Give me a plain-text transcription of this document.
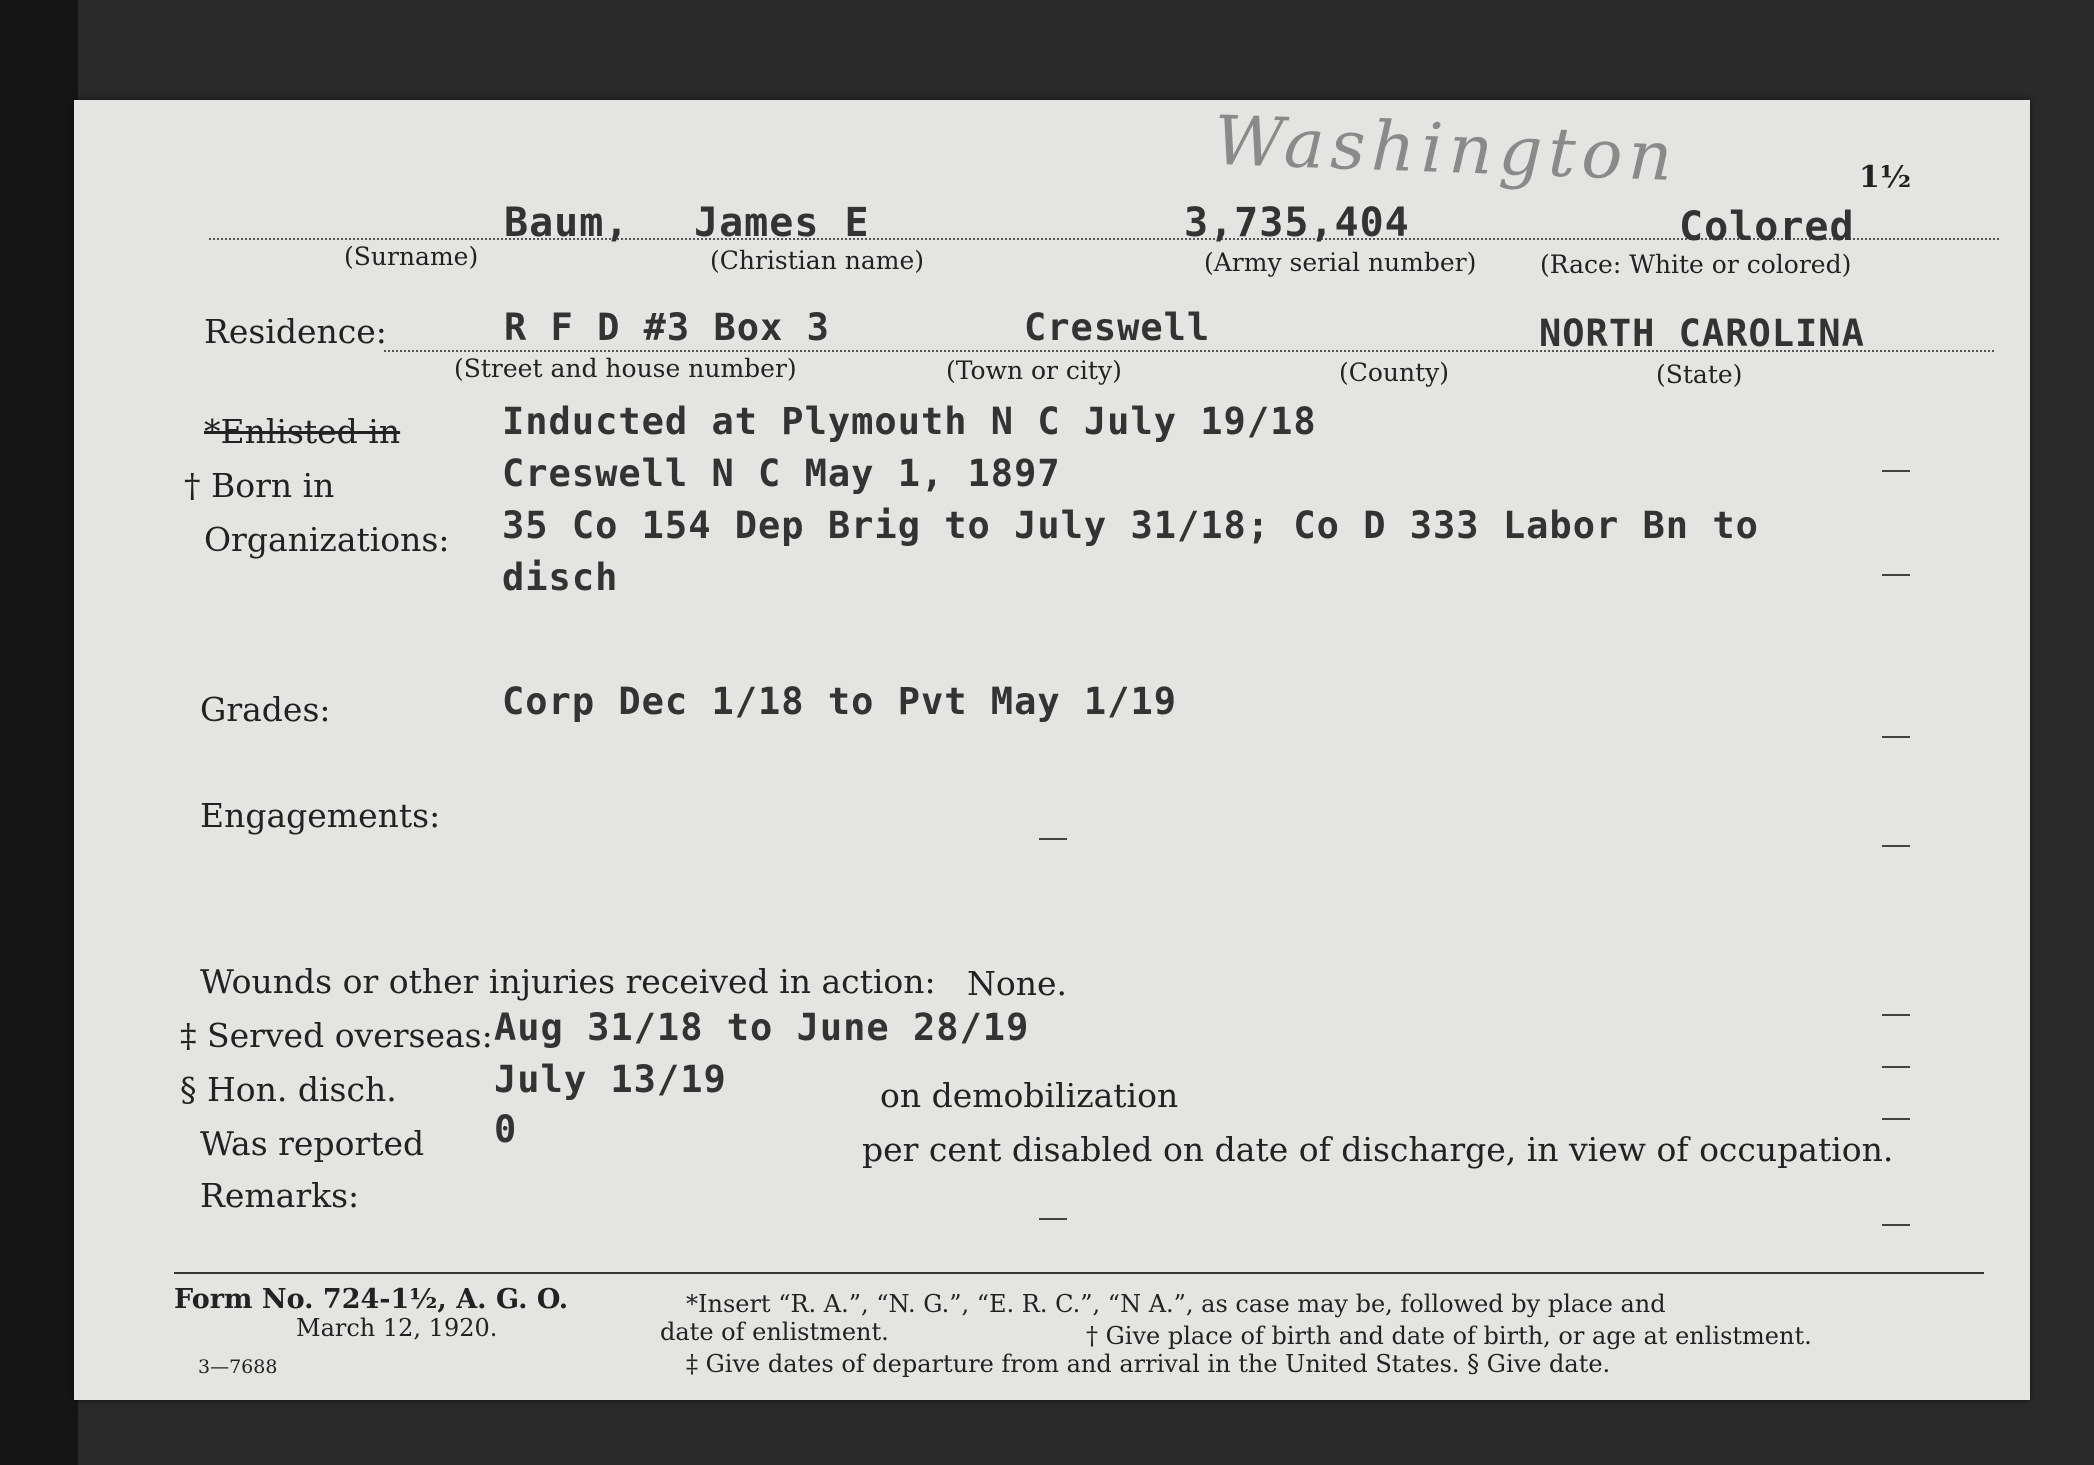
Washington	1½
Baum, James E	3,735,404	Colored
(Surname)	(Christian name)	(Army serial number)	(Race: White or colored)
Residence:	R F D #3 Box 3	Creswell	NORTH CAROLINA
(Street and house number)	(Town or city)	(County)	(State)
*Enlisted in	Inducted at Plymouth N C July 19/18
† Born in	Creswell N C May 1, 1897
Organizations: 35 Co 154 Dep Brig to July 31/18; Co D 333 Labor Bn to
disch
Grades:	Corp Dec 1/18 to Pvt May 1/19
Engagements:
Wounds or other injuries received in action: None.
‡ Served overseas: Aug 31/18 to June 28/19
§ Hon. disch.	July 13/19	on demobilization
Was reported 0	per cent disabled on date of discharge, in view of occupation.
Remarks:
Form No. 724-1½, A. G. O.
March 12, 1920.
3—7688
*Insert “R. A.”, “N. G.”, “E. R. C.”, “N A.”, as case may be, followed by place and
date of enlistment.	† Give place of birth and date of birth, or age at enlistment.
‡ Give dates of departure from and arrival in the United States. § Give date.
